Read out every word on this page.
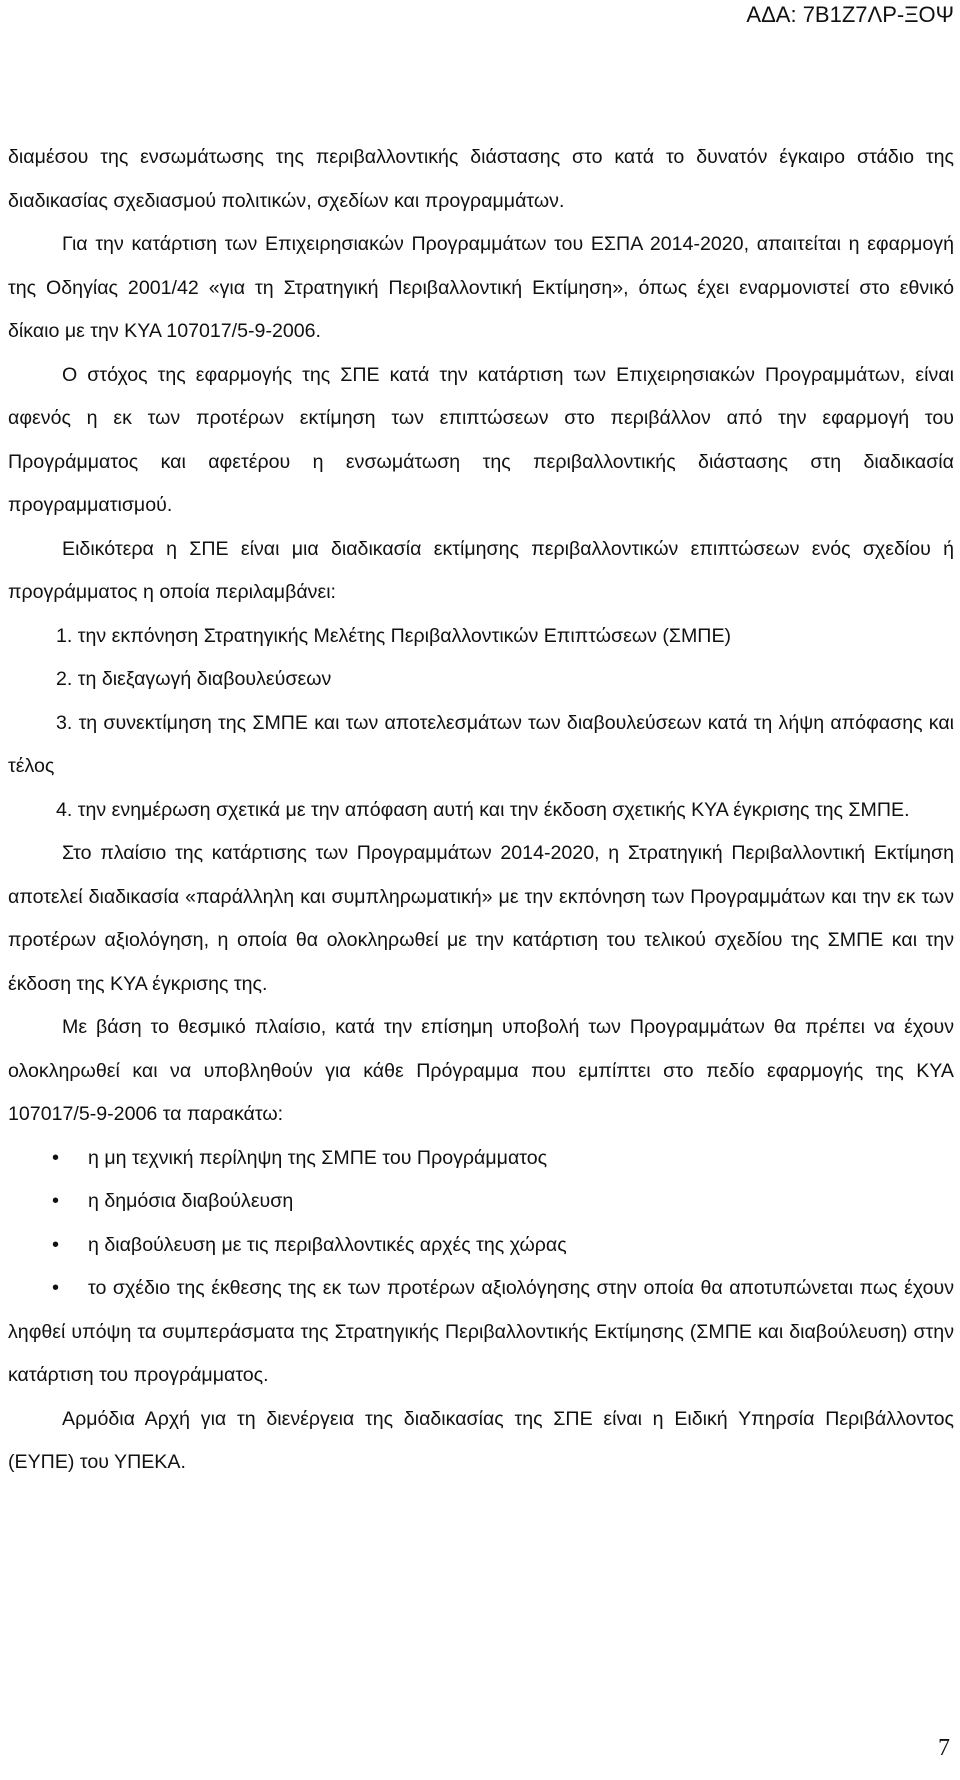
ΑΔΑ: 7Β1Ζ7ΛΡ-ΞΟΨ

διαμέσου της ενσωμάτωσης της περιβαλλοντικής διάστασης στο κατά το δυνατόν έγκαιρο στάδιο της διαδικασίας σχεδιασμού πολιτικών, σχεδίων και προγραμμάτων.

Για την κατάρτιση των Επιχειρησιακών Προγραμμάτων του ΕΣΠΑ 2014-2020, απαιτείται η εφαρμογή της Οδηγίας 2001/42 «για τη Στρατηγική Περιβαλλοντική Εκτίμηση», όπως έχει εναρμονιστεί στο εθνικό δίκαιο με την ΚΥΑ 107017/5-9-2006.

Ο στόχος της εφαρμογής της ΣΠΕ κατά την κατάρτιση των Επιχειρησιακών Προγραμμάτων, είναι αφενός η εκ των προτέρων εκτίμηση των επιπτώσεων στο περιβάλλον από την εφαρμογή του Προγράμματος και αφετέρου η ενσωμάτωση της περιβαλλοντικής διάστασης στη διαδικασία προγραμματισμού.

Ειδικότερα η ΣΠΕ είναι μια διαδικασία εκτίμησης περιβαλλοντικών επιπτώσεων ενός σχεδίου ή προγράμματος η οποία περιλαμβάνει:

1. την εκπόνηση Στρατηγικής Μελέτης Περιβαλλοντικών Επιπτώσεων (ΣΜΠΕ)

2. τη διεξαγωγή διαβουλεύσεων

3. τη συνεκτίμηση της ΣΜΠΕ και των αποτελεσμάτων των διαβουλεύσεων κατά τη λήψη απόφασης και τέλος

4. την ενημέρωση σχετικά με την απόφαση αυτή και την έκδοση σχετικής ΚΥΑ έγκρισης της ΣΜΠΕ.

Στο πλαίσιο της κατάρτισης των Προγραμμάτων 2014-2020, η Στρατηγική Περιβαλλοντική Εκτίμηση αποτελεί διαδικασία «παράλληλη και συμπληρωματική» με την εκπόνηση των Προγραμμάτων και την εκ των προτέρων αξιολόγηση, η οποία θα ολοκληρωθεί με την κατάρτιση του τελικού σχεδίου της ΣΜΠΕ και την έκδοση της ΚΥΑ έγκρισης της.

Με βάση το θεσμικό πλαίσιο, κατά την επίσημη υποβολή των Προγραμμάτων θα πρέπει να έχουν ολοκληρωθεί και να υποβληθούν για κάθε Πρόγραμμα που εμπίπτει στο πεδίο εφαρμογής της ΚΥΑ 107017/5-9-2006 τα παρακάτω:

• η μη τεχνική περίληψη της ΣΜΠΕ του Προγράμματος
• η δημόσια διαβούλευση
• η διαβούλευση με τις περιβαλλοντικές αρχές της χώρας
• το σχέδιο της έκθεσης της εκ των προτέρων αξιολόγησης στην οποία θα αποτυπώνεται πως έχουν ληφθεί υπόψη τα συμπεράσματα της Στρατηγικής Περιβαλλοντικής Εκτίμησης (ΣΜΠΕ και διαβούλευση) στην κατάρτιση του προγράμματος.

Αρμόδια Αρχή για τη διενέργεια της διαδικασίας της ΣΠΕ είναι η Ειδική Υπηρσία Περιβάλλοντος (ΕΥΠΕ) του ΥΠΕΚΑ.

7
